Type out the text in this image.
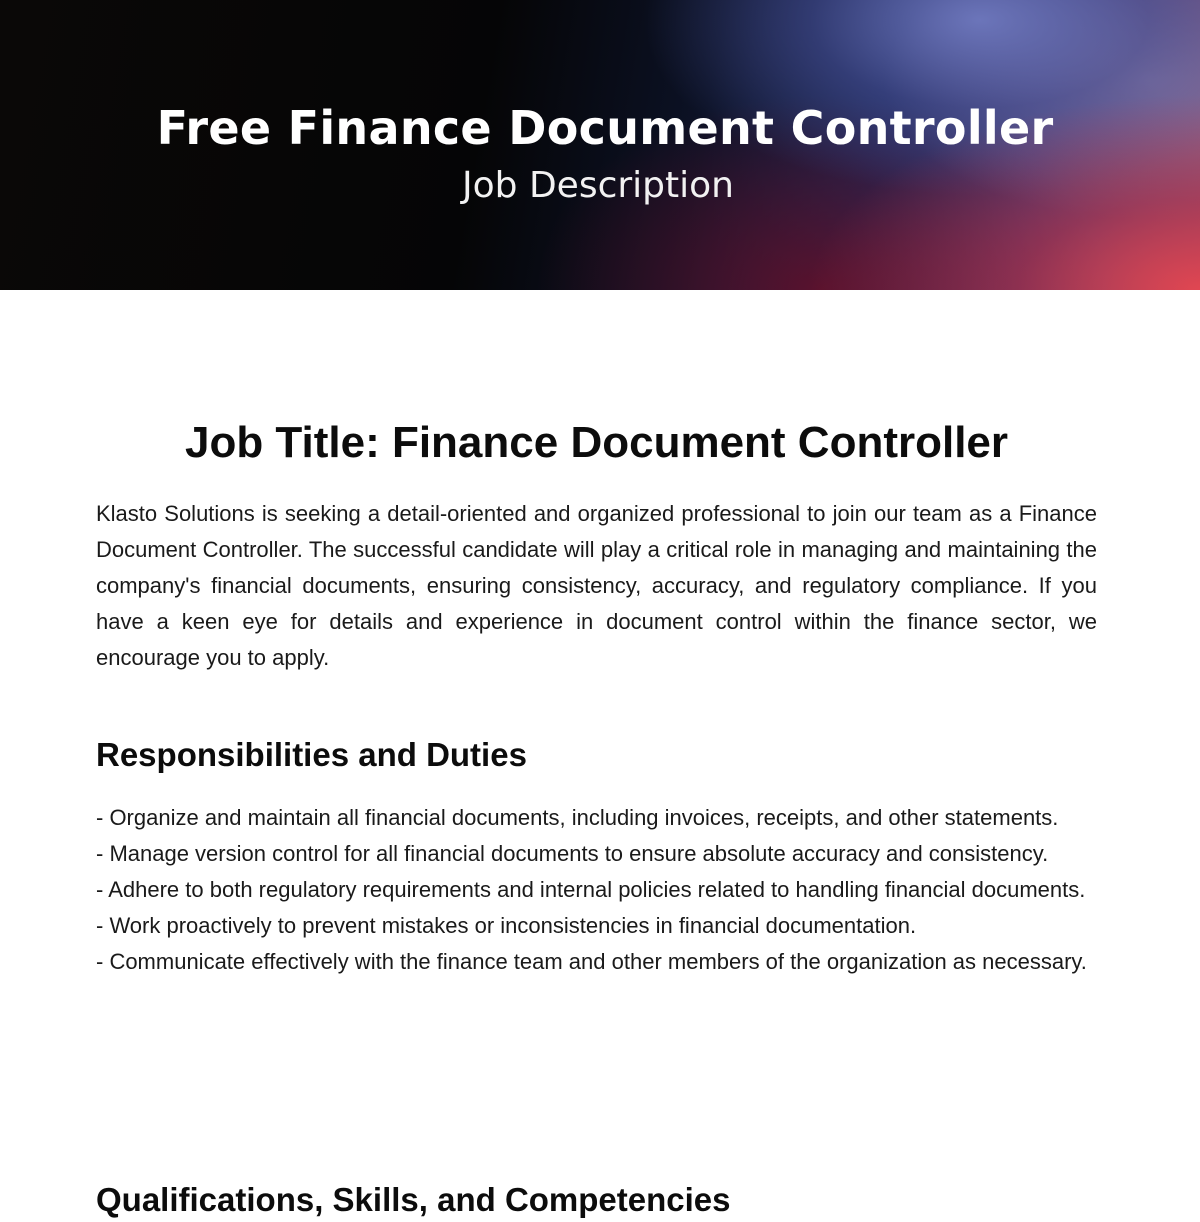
Free Finance Document Controller
Job Description
Job Title: Finance Document Controller

Klasto Solutions is seeking a detail-oriented and organized professional to join our team as a Finance Document Controller. The successful candidate will play a critical role in managing and maintaining the company's financial documents, ensuring consistency, accuracy, and regulatory compliance. If you have a keen eye for details and experience in document control within the finance sector, we encourage you to apply.

Responsibilities and Duties
- Organize and maintain all financial documents, including invoices, receipts, and other statements.
- Manage version control for all financial documents to ensure absolute accuracy and consistency.
- Adhere to both regulatory requirements and internal policies related to handling financial documents.
- Work proactively to prevent mistakes or inconsistencies in financial documentation.
- Communicate effectively with the finance team and other members of the organization as necessary.
Qualifications, Skills, and Competencies
